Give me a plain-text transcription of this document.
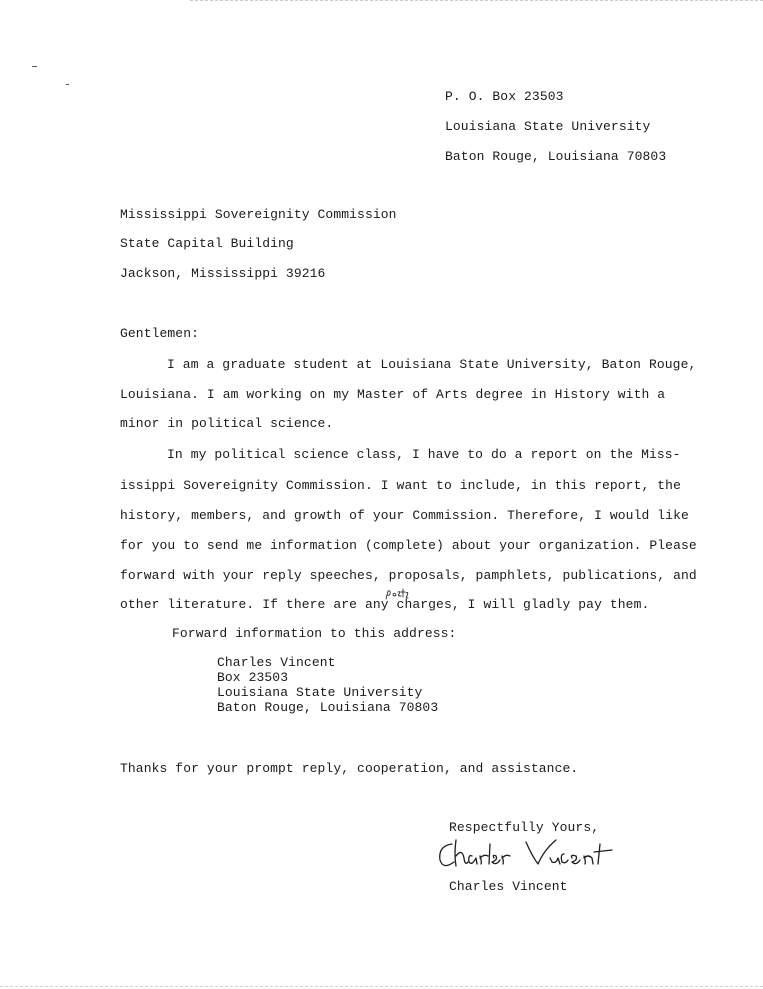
P. O. Box 23503
Louisiana State University
Baton Rouge, Louisiana 70803
Mississippi Sovereignity Commission
State Capital Building
Jackson, Mississippi 39216
Gentlemen:
I am a graduate student at Louisiana State University, Baton Rouge,
Louisiana. I am working on my Master of Arts degree in History with a
minor in political science.
In my political science class, I have to do a report on the Miss-
issippi Sovereignity Commission. I want to include, in this report, the
history, members, and growth of your Commission. Therefore, I would like
for you to send me information (complete) about your organization. Please
forward with your reply speeches, proposals, pamphlets, publications, and
other literature. If there are any charges, I will gladly pay them.
Forward information to this address:
Charles Vincent
Box 23503
Louisiana State University
Baton Rouge, Louisiana 70803
Thanks for your prompt reply, cooperation, and assistance.
Respectfully Yours,
Charles Vincent
